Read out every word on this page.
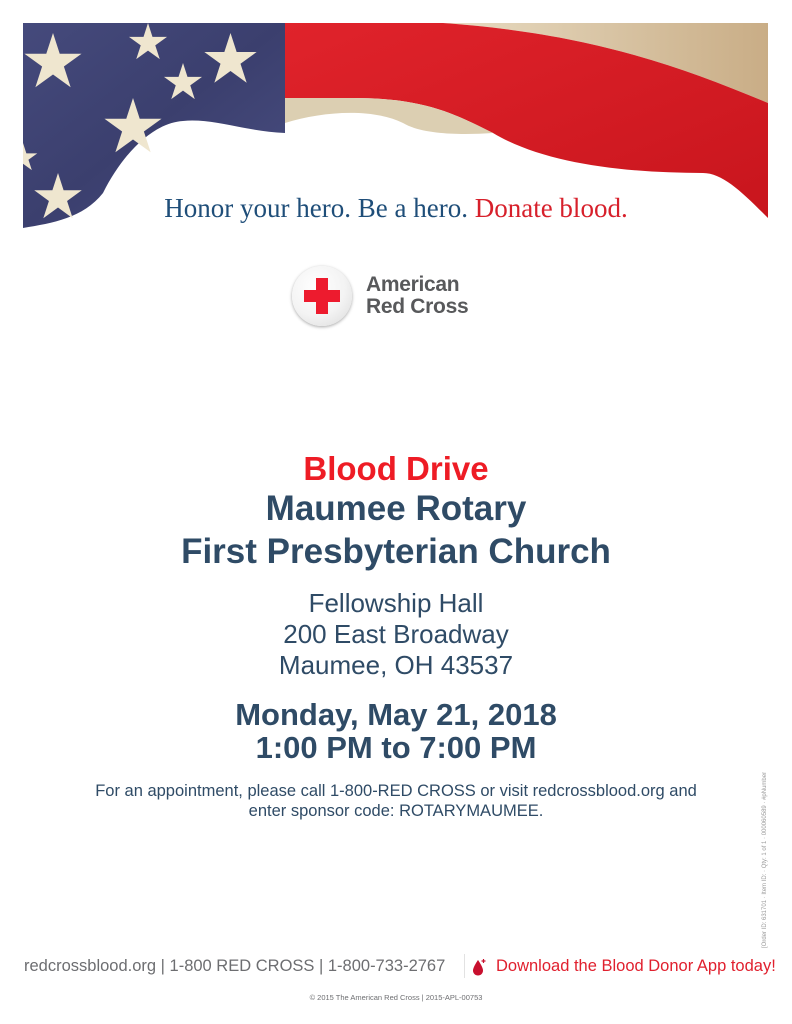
Honor your hero. Be a hero. Donate blood.
American
Red Cross
Blood Drive
Maumee Rotary
First Presbyterian Church
Fellowship Hall
200 East Broadway
Maumee, OH 43537
Monday, May 21, 2018
1:00 PM to 7:00 PM
For an appointment, please call 1-800-RED CROSS or visit redcrossblood.org and
enter sponsor code: ROTARYMAUMEE.	[Order ID: 631701 · Item ID: · Qty: 1 of 1 · 000060589 · #pNumber
redcrossblood.org | 1-800 RED CROSS | 1-800-733-2767	Download the Blood Donor App today!
© 2015 The American Red Cross | 2015-APL-00753
